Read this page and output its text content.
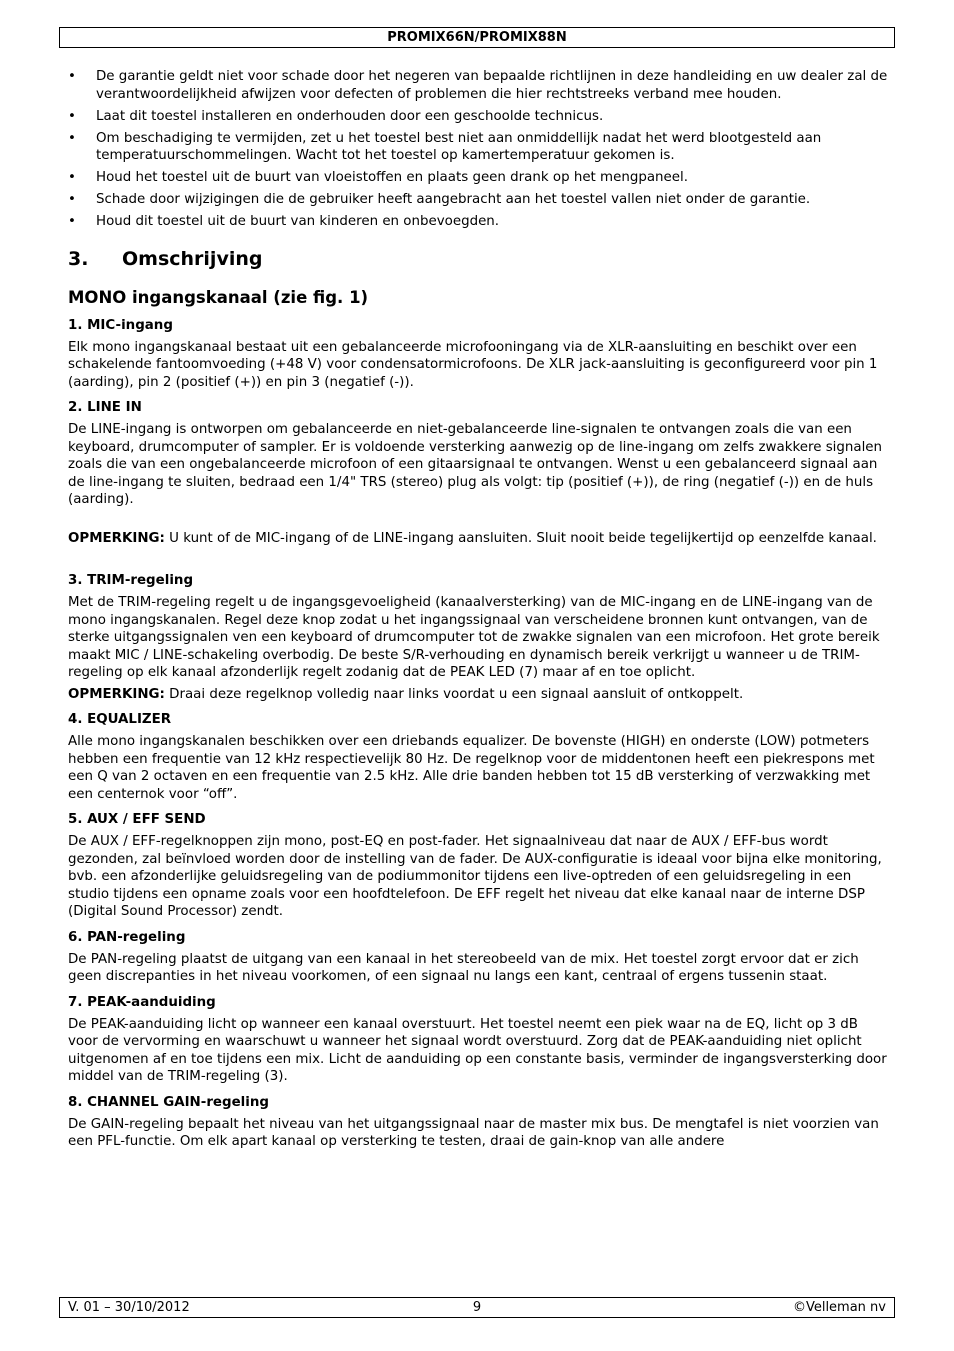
PROMIX66N/PROMIX88N
• De garantie geldt niet voor schade door het negeren van bepaalde richtlijnen in deze handleiding en uw dealer zal de verantwoordelijkheid afwijzen voor defecten of problemen die hier rechtstreeks verband mee houden.
• Laat dit toestel installeren en onderhouden door een geschoolde technicus.
• Om beschadiging te vermijden, zet u het toestel best niet aan onmiddellijk nadat het werd blootgesteld aan temperatuurschommelingen. Wacht tot het toestel op kamertemperatuur gekomen is.
• Houd het toestel uit de buurt van vloeistoffen en plaats geen drank op het mengpaneel.
• Schade door wijzigingen die de gebruiker heeft aangebracht aan het toestel vallen niet onder de garantie.
• Houd dit toestel uit de buurt van kinderen en onbevoegden.
3. Omschrijving
MONO ingangskanaal (zie fig. 1)
1. MIC-ingang

Elk mono ingangskanaal bestaat uit een gebalanceerde microfooningang via de XLR-aansluiting en beschikt over een schakelende fantoomvoeding (+48 V) voor condensatormicrofoons. De XLR jack-aansluiting is geconfigureerd voor pin 1 (aarding), pin 2 (positief (+)) en pin 3 (negatief (-)).

2. LINE IN

De LINE-ingang is ontworpen om gebalanceerde en niet-gebalanceerde line-signalen te ontvangen zoals die van een keyboard, drumcomputer of sampler. Er is voldoende versterking aanwezig op de line-ingang om zelfs zwakkere signalen zoals die van een ongebalanceerde microfoon of een gitaarsignaal te ontvangen. Wenst u een gebalanceerd signaal aan de line-ingang te sluiten, bedraad een 1/4" TRS (stereo) plug als volgt: tip (positief (+)), de ring (negatief (-)) en de huls (aarding).

OPMERKING: U kunt of de MIC-ingang of de LINE-ingang aansluiten. Sluit nooit beide tegelijkertijd op eenzelfde kanaal.

3. TRIM-regeling

Met de TRIM-regeling regelt u de ingangsgevoeligheid (kanaalversterking) van de MIC-ingang en de LINE-ingang van de mono ingangskanalen. Regel deze knop zodat u het ingangssignaal van verscheidene bronnen kunt ontvangen, van de sterke uitgangssignalen ven een keyboard of drumcomputer tot de zwakke signalen van een microfoon. Het grote bereik maakt MIC / LINE-schakeling overbodig. De beste S/R-verhouding en dynamisch bereik verkrijgt u wanneer u de TRIM-regeling op elk kanaal afzonderlijk regelt zodanig dat de PEAK LED (7) maar af en toe oplicht.

OPMERKING: Draai deze regelknop volledig naar links voordat u een signaal aansluit of ontkoppelt.

4. EQUALIZER

Alle mono ingangskanalen beschikken over een driebands equalizer. De bovenste (HIGH) en onderste (LOW) potmeters hebben een frequentie van 12 kHz respectievelijk 80 Hz. De regelknop voor de middentonen heeft een piekrespons met een Q van 2 octaven en een frequentie van 2.5 kHz. Alle drie banden hebben tot 15 dB versterking of verzwakking met een centernok voor “off”.

5. AUX / EFF SEND

De AUX / EFF-regelknoppen zijn mono, post-EQ en post-fader. Het signaalniveau dat naar de AUX / EFF-bus wordt gezonden, zal beïnvloed worden door de instelling van de fader. De AUX-configuratie is ideaal voor bijna elke monitoring, bvb. een afzonderlijke geluidsregeling van de podiummonitor tijdens een live-optreden of een geluidsregeling in een studio tijdens een opname zoals voor een hoofdtelefoon. De EFF regelt het niveau dat elke kanaal naar de interne DSP (Digital Sound Processor) zendt.

6. PAN-regeling

De PAN-regeling plaatst de uitgang van een kanaal in het stereobeeld van de mix. Het toestel zorgt ervoor dat er zich geen discrepanties in het niveau voorkomen, of een signaal nu langs een kant, centraal of ergens tussenin staat.

7. PEAK-aanduiding

De PEAK-aanduiding licht op wanneer een kanaal overstuurt. Het toestel neemt een piek waar na de EQ, licht op 3 dB voor de vervorming en waarschuwt u wanneer het signaal wordt overstuurd. Zorg dat de PEAK-aanduiding niet oplicht uitgenomen af en toe tijdens een mix. Licht de aanduiding op een constante basis, verminder de ingangsversterking door middel van de TRIM-regeling (3).

8. CHANNEL GAIN-regeling

De GAIN-regeling bepaalt het niveau van het uitgangssignaal naar de master mix bus. De mengtafel is niet voorzien van een PFL-functie. Om elk apart kanaal op versterking te testen, draai de gain-knop van alle andere

V. 01 – 30/10/2012	9	©Velleman nv
